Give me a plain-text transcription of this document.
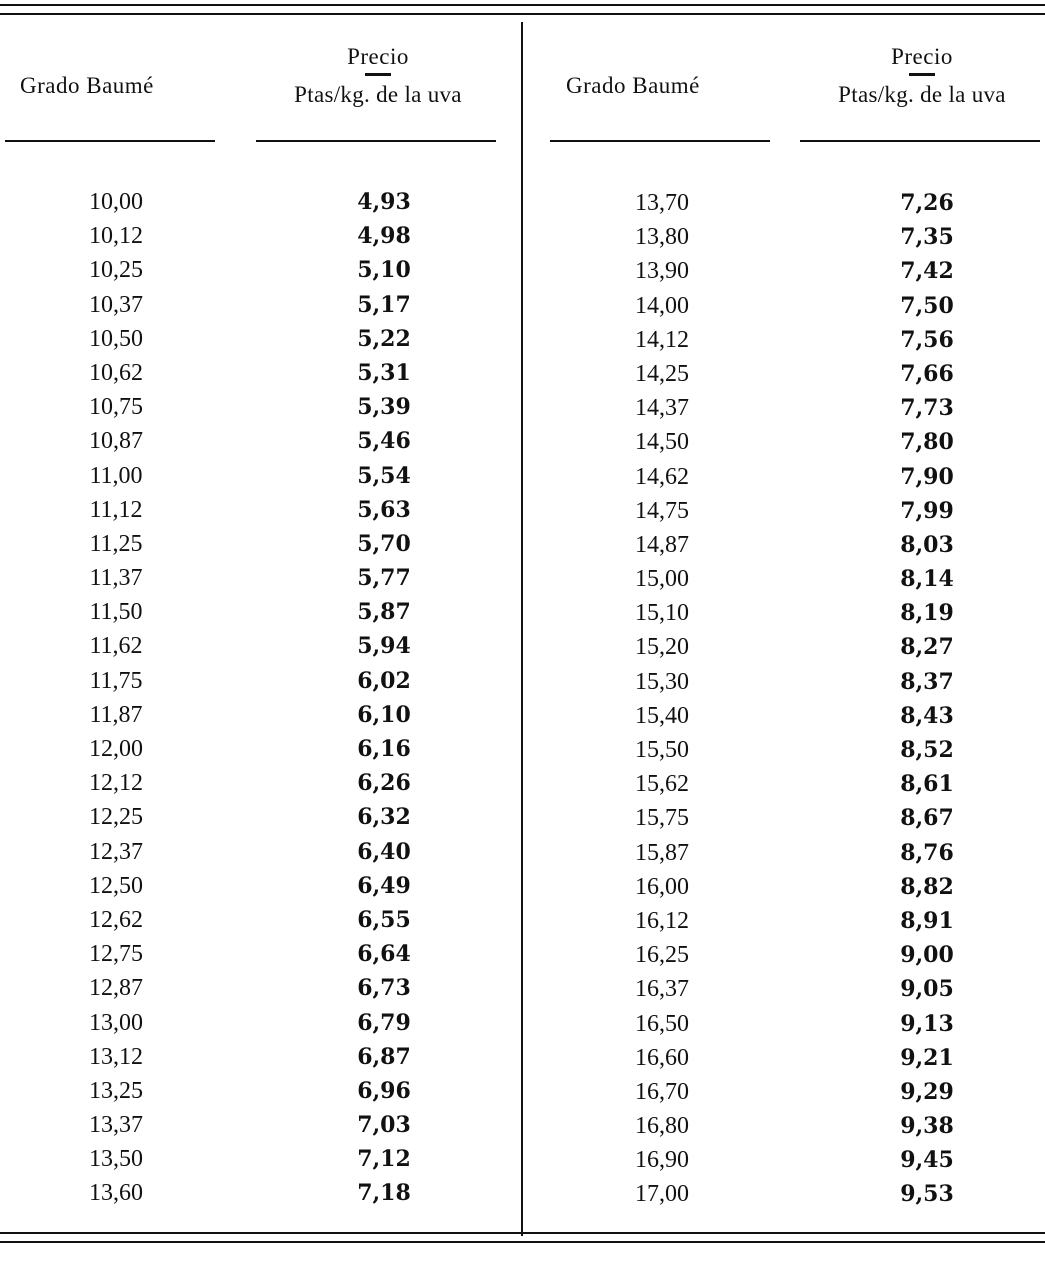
Grado Baumé
Precio
Ptas/kg. de la uva	Grado Baumé
Precio
Ptas/kg. de la uva
10,00
10,12
10,25
10,37
10,50
10,62
10,75
10,87
11,00
11,12
11,25
11,37
11,50
11,62
11,75
11,87
12,00
12,12
12,25
12,37
12,50
12,62
12,75
12,87
13,00
13,12
13,25
13,37
13,50
13,60
4,93
4,98
5,10
5,17
5,22
5,31
5,39
5,46
5,54
5,63
5,70
5,77
5,87
5,94
6,02
6,10
6,16
6,26
6,32
6,40
6,49
6,55
6,64
6,73
6,79
6,87
6,96
7,03
7,12
7,18
13,70
13,80
13,90
14,00
14,12
14,25
14,37
14,50
14,62
14,75
14,87
15,00
15,10
15,20
15,30
15,40
15,50
15,62
15,75
15,87
16,00
16,12
16,25
16,37
16,50
16,60
16,70
16,80
16,90
17,00
7,26
7,35
7,42
7,50
7,56
7,66
7,73
7,80
7,90
7,99
8,03
8,14
8,19
8,27
8,37
8,43
8,52
8,61
8,67
8,76
8,82
8,91
9,00
9,05
9,13
9,21
9,29
9,38
9,45
9,53
